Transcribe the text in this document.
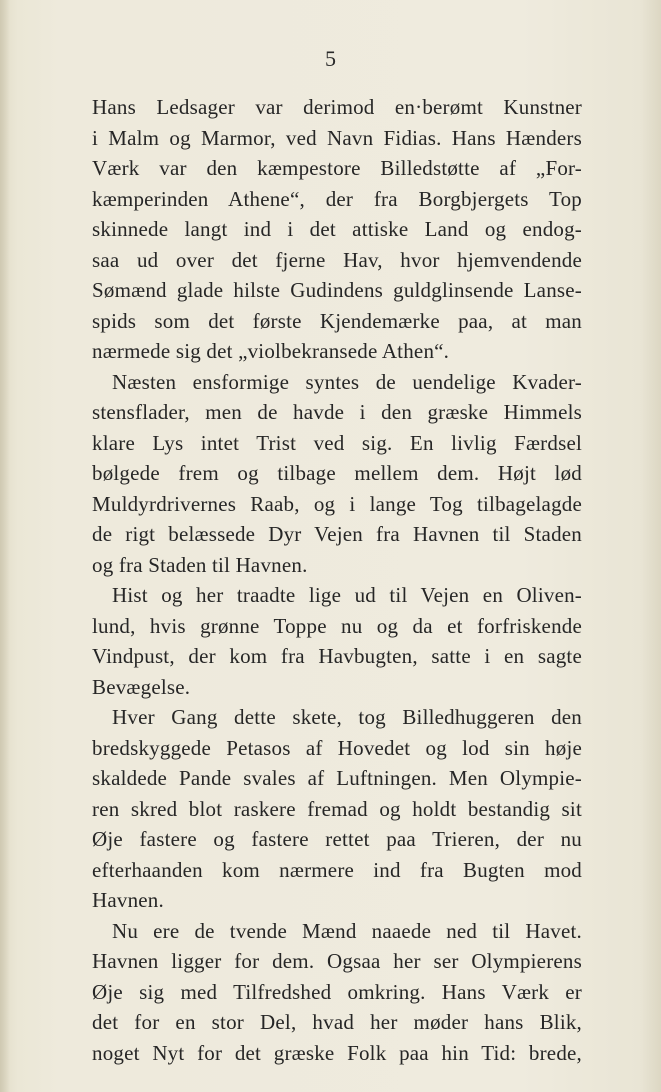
5
Hans Ledsager var derimod en·berømt Kunstner
i Malm og Marmor, ved Navn Fidias. Hans Hænders
Værk var den kæmpestore Billedstøtte af „For-
kæmperinden Athene“, der fra Borgbjergets Top
skinnede langt ind i det attiske Land og endog-
saa ud over det fjerne Hav, hvor hjemvendende
Sømænd glade hilste Gudindens guldglinsende Lanse-
spids som det første Kjendemærke paa, at man
nærmede sig det „violbekransede Athen“.
Næsten ensformige syntes de uendelige Kvader-
stensflader, men de havde i den græske Himmels
klare Lys intet Trist ved sig. En livlig Færdsel
bølgede frem og tilbage mellem dem. Højt lød
Muldyrdrivernes Raab, og i lange Tog tilbagelagde
de rigt belæssede Dyr Vejen fra Havnen til Staden
og fra Staden til Havnen.
Hist og her traadte lige ud til Vejen en Oliven-
lund, hvis grønne Toppe nu og da et forfriskende
Vindpust, der kom fra Havbugten, satte i en sagte
Bevægelse.
Hver Gang dette skete, tog Billedhuggeren den
bredskyggede Petasos af Hovedet og lod sin høje
skaldede Pande svales af Luftningen. Men Olympie-
ren skred blot raskere fremad og holdt bestandig sit
Øje fastere og fastere rettet paa Trieren, der nu
efterhaanden kom nærmere ind fra Bugten mod
Havnen.
Nu ere de tvende Mænd naaede ned til Havet.
Havnen ligger for dem. Ogsaa her ser Olympierens
Øje sig med Tilfredshed omkring. Hans Værk er
det for en stor Del, hvad her møder hans Blik,
noget Nyt for det græske Folk paa hin Tid: brede,
